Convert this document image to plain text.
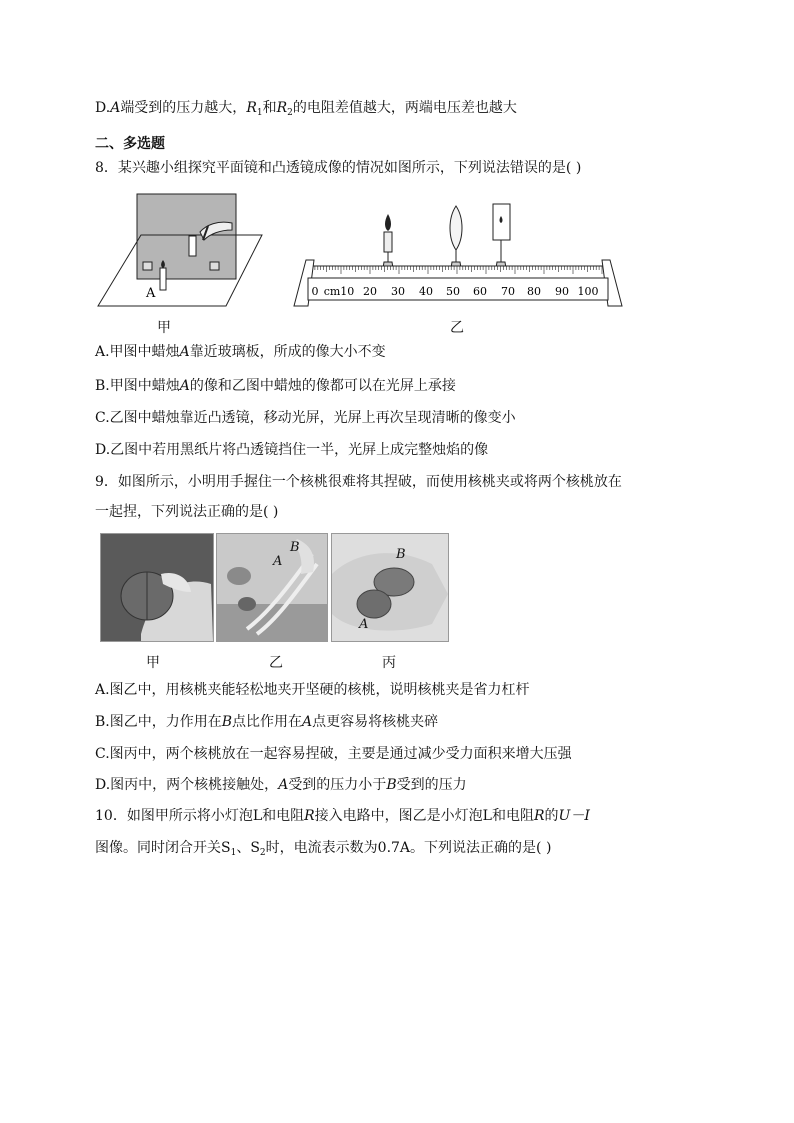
D.A端受到的压力越大，$R_1$和$R_2$的电阻差值越大，两端电压差也越大
二、多选题
8．某兴趣小组探究平面镜和凸透镜成像的情况如图所示，下列说法错误的是( )
A
甲
0 cm10 20 30 40 50 60 70 80 90 100
乙
A.甲图中蜡烛A靠近玻璃板，所成的像大小不变
B.甲图中蜡烛A的像和乙图中蜡烛的像都可以在光屏上承接
C.乙图中蜡烛靠近凸透镜，移动光屏，光屏上再次呈现清晰的像变小
D.乙图中若用黑纸片将凸透镜挡住一半，光屏上成完整烛焰的像
9．如图所示，小明用手握住一个核桃很难将其捏破，而使用核桃夹或将两个核桃放在
一起捏，下列说法正确的是( )
B
A	B
A
甲	乙	丙
A.图乙中，用核桃夹能轻松地夹开坚硬的核桃，说明核桃夹是省力杠杆
B.图乙中，力作用在B点比作用在A点更容易将核桃夹碎
C.图丙中，两个核桃放在一起容易捏破，主要是通过减少受力面积来增大压强
D.图丙中，两个核桃接触处，A受到的压力小于B受到的压力
10．如图甲所示将小灯泡L和电阻R接入电路中，图乙是小灯泡L和电阻R的U－I
图像。同时闭合开关$S_1$、$S_2$时，电流表示数为0.7A。下列说法正确的是( )
